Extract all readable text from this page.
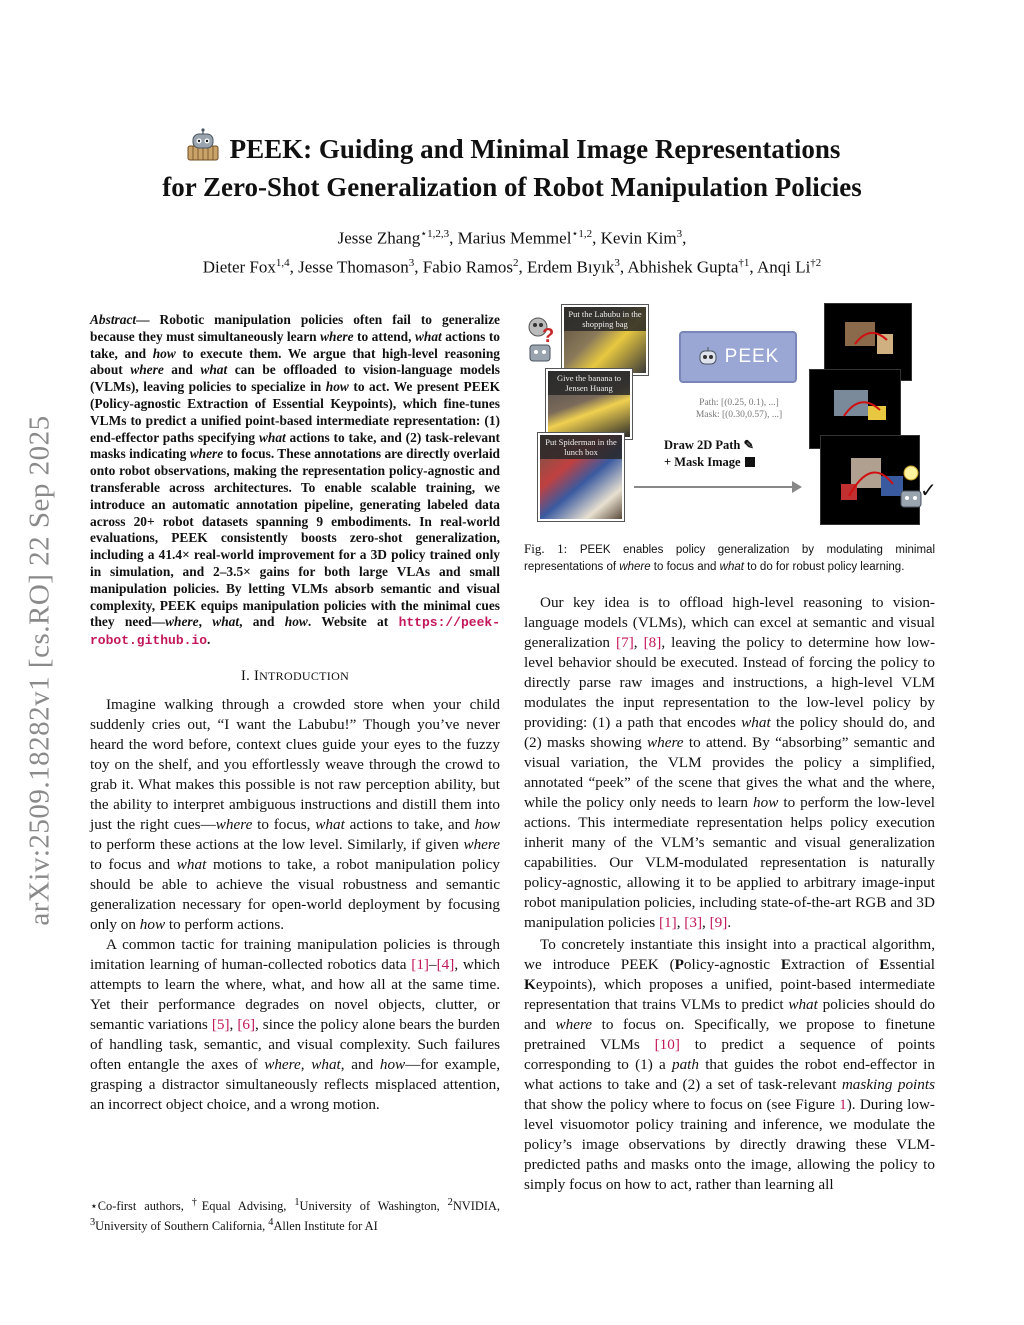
arXiv:2509.18282v1 [cs.RO] 22 Sep 2025
PEEK: Guiding and Minimal Image Representations
for Zero-Shot Generalization of Robot Manipulation Policies
Jesse Zhang$^{⋆1,2,3}$, Marius Memmel$^{⋆1,2}$, Kevin Kim$^3$,
Dieter Fox$^{1,4}$, Jesse Thomason$^3$, Fabio Ramos$^2$, Erdem Bıyık$^3$, Abhishek Gupta$^{\dagger 1}$, Anqi Li$^{\dagger 2}$
Abstract— Robotic manipulation policies often fail to generalize because they must simultaneously learn where to attend, what actions to take, and how to execute them. We argue that high-level reasoning about where and what can be offloaded to vision-language models (VLMs), leaving policies to specialize in how to act. We present PEEK (Policy-agnostic Extraction of Essential Keypoints), which fine-tunes VLMs to predict a unified point-based intermediate representation: (1) end-effector paths specifying what actions to take, and (2) task-relevant masks indicating where to focus. These annotations are directly overlaid onto robot observations, making the representation policy-agnostic and transferable across architectures. To enable scalable training, we introduce an automatic annotation pipeline, generating labeled data across 20+ robot datasets spanning 9 embodiments. In real-world evaluations, PEEK consistently boosts zero-shot generalization, including a 41.4× real-world improvement for a 3D policy trained only in simulation, and 2–3.5× gains for both large VLAs and small manipulation policies. By letting VLMs absorb semantic and visual complexity, PEEK equips manipulation policies with the minimal cues they need—where, what, and how. Website at https://peek-robot.github.io.
I. INTRODUCTION

Imagine walking through a crowded store when your child suddenly cries out, “I want the Labubu!” Though you’ve never heard the word before, context clues guide your eyes to the fuzzy toy on the shelf, and you effortlessly weave through the crowd to grab it. What makes this possible is not raw perception ability, but the ability to interpret ambiguous instructions and distill them into just the right cues—where to focus, what actions to take, and how to perform these actions at the low level. Similarly, if given where to focus and what motions to take, a robot manipulation policy should be able to achieve the visual robustness and semantic generalization necessary for open-world deployment by focusing only on how to perform actions.

A common tactic for training manipulation policies is through imitation learning of human-collected robotics data [1]–[4], which attempts to learn the where, what, and how all at the same time. Yet their performance degrades on novel objects, clutter, or semantic variations [5], [6], since the policy alone bears the burden of handling task, semantic, and visual complexity. Such failures often entangle the axes of where, what, and how—for example, grasping a distractor simultaneously reflects misplaced attention, an incorrect object choice, and a wrong motion.

⋆Co-first authors, †Equal Advising, $^1$University of Washington, $^2$NVIDIA, $^3$University of Southern California, $^4$Allen Institute for AI
?
Put the Labubu in the shopping bag
Give the banana to Jensen Huang
Put Spiderman in the lunch box
PEEK
Path: [(0.25, 0.1), ...]
Mask: [(0.30,0.57), ...]
Draw 2D Path ✎
+ Mask Image
✓
Fig. 1: PEEK enables policy generalization by modulating minimal representations of where to focus and what to do for robust policy learning.

Our key idea is to offload high-level reasoning to vision-language models (VLMs), which can excel at semantic and visual generalization [7], [8], leaving the policy to determine how low-level behavior should be executed. Instead of forcing the policy to directly parse raw images and instructions, a high-level VLM modulates the input representation to the low-level policy by providing: (1) a path that encodes what the policy should do, and (2) masks showing where to attend. By “absorbing” semantic and visual variation, the VLM provides the policy a simplified, annotated “peek” of the scene that gives the what and the where, while the policy only needs to learn how to perform the low-level actions. This intermediate representation helps policy execution inherit many of the VLM’s semantic and visual generalization capabilities. Our VLM-modulated representation is naturally policy-agnostic, allowing it to be applied to arbitrary image-input robot manipulation policies, including state-of-the-art RGB and 3D manipulation policies [1], [3], [9].

To concretely instantiate this insight into a practical algorithm, we introduce PEEK (Policy-agnostic Extraction of Essential Keypoints), which proposes a unified, point-based intermediate representation that trains VLMs to predict what policies should do and where to focus on. Specifically, we propose to finetune pretrained VLMs [10] to predict a sequence of points corresponding to (1) a path that guides the robot end-effector in what actions to take and (2) a set of task-relevant masking points that show the policy where to focus on (see Figure 1). During low-level visuomotor policy training and inference, we modulate the policy’s image observations by directly drawing these VLM-predicted paths and masks onto the image, allowing the policy to simply focus on how to act, rather than learning all
